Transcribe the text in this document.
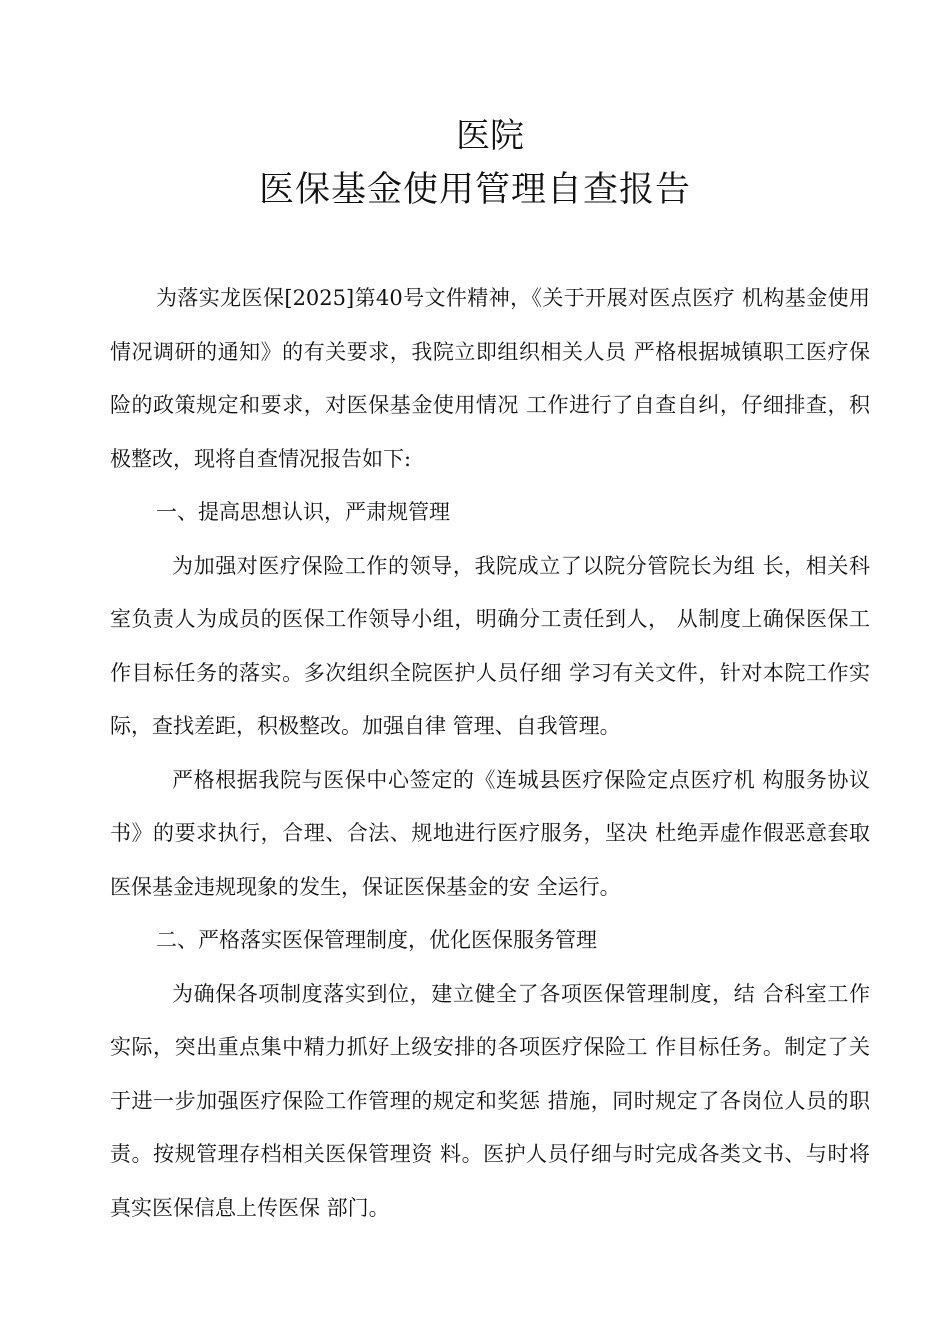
医院
医保基金使用管理自查报告

为落实龙医保[2025]第40号文件精神，《关于开展对医点医疗 机构基金使用情况调研的通知》的有关要求，我院立即组织相关人员 严格根据城镇职工医疗保险的政策规定和要求，对医保基金使用情况 工作进行了自查自纠，仔细排查，积极整改，现将自查情况报告如下:

一、提高思想认识，严肃规管理

为加强对医疗保险工作的领导，我院成立了以院分管院长为组 长，相关科室负责人为成员的医保工作领导小组，明确分工责任到人， 从制度上确保医保工作目标任务的落实。多次组织全院医护人员仔细 学习有关文件，针对本院工作实际，查找差距，积极整改。加强自律 管理、自我管理。

严格根据我院与医保中心签定的《连城县医疗保险定点医疗机 构服务协议书》的要求执行，合理、合法、规地进行医疗服务，坚决 杜绝弄虚作假恶意套取医保基金违规现象的发生，保证医保基金的安 全运行。

二、严格落实医保管理制度，优化医保服务管理

为确保各项制度落实到位，建立健全了各项医保管理制度，结 合科室工作实际，突出重点集中精力抓好上级安排的各项医疗保险工 作目标任务。制定了关于进一步加强医疗保险工作管理的规定和奖惩 措施，同时规定了各岗位人员的职责。按规管理存档相关医保管理资 料。医护人员仔细与时完成各类文书、与时将真实医保信息上传医保 部门。
